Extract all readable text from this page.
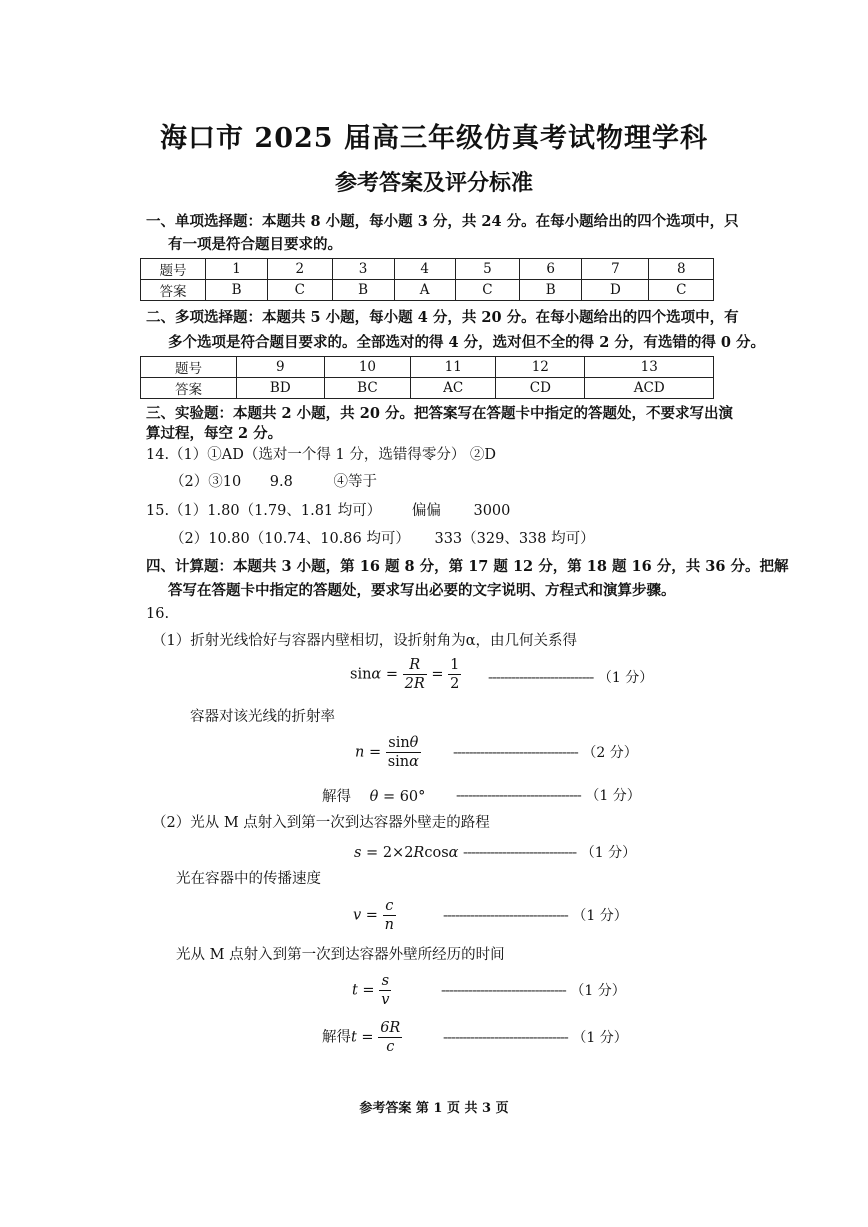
海口市 2025 届高三年级仿真考试物理学科
参考答案及评分标准
一、单项选择题：本题共 8 小题，每小题 3 分，共 24 分。在每小题给出的四个选项中，只
有一项是符合题目要求的。
题号	1	2	3	4	5	6	7	8
答案	B	C	B	A	C	B	D	C
二、多项选择题：本题共 5 小题，每小题 4 分，共 20 分。在每小题给出的四个选项中，有
多个选项是符合题目要求的。全部选对的得 4 分，选对但不全的得 2 分，有选错的得 0 分。
题号	9	10	11	12	13
答案	BD	BC	AC	CD	ACD
三、实验题：本题共 2 小题，共 20 分。把答案写在答题卡中指定的答题处，不要求写出演
算过程，每空 2 分。
14.（1）①AD（选对一个得 1 分，选错得零分） ②D
（2）③10 9.8	④等于
15.（1）1.80（1.79、1.81 均可） 偏偏 3000
（2）10.80（10.74、10.86 均可） 333（329、338 均可）
四、计算题：本题共 3 小题，第 16 题 8 分，第 17 题 12 分，第 18 题 16 分，共 36 分。把解
答写在答题卡中指定的答题处，要求写出必要的文字说明、方程式和演算步骤。
16.
（1）折射光线恰好与容器内壁相切，设折射角为α，由几何关系得
$\sin\alpha = \frac{R}{2R} = \frac{1}{2}$ --------------------------- （1 分）
容器对该光线的折射率
$n = \frac{\sin\theta}{\sin\alpha}$ -------------------------------- （2 分）
解得 θ = 60° -------------------------------- （1 分）
（2）光从 M 点射入到第一次到达容器外壁走的路程
s = 2×2Rcosα ----------------------------- （1 分）
光在容器中的传播速度
$v = \frac{c}{n}$	-------------------------------- （1 分）
光从 M 点射入到第一次到达容器外壁所经历的时间
$t = \frac{s}{v}$	-------------------------------- （1 分）
解得$t = \frac{6R}{c}$	-------------------------------- （1 分）
参考答案 第 1 页 共 3 页
